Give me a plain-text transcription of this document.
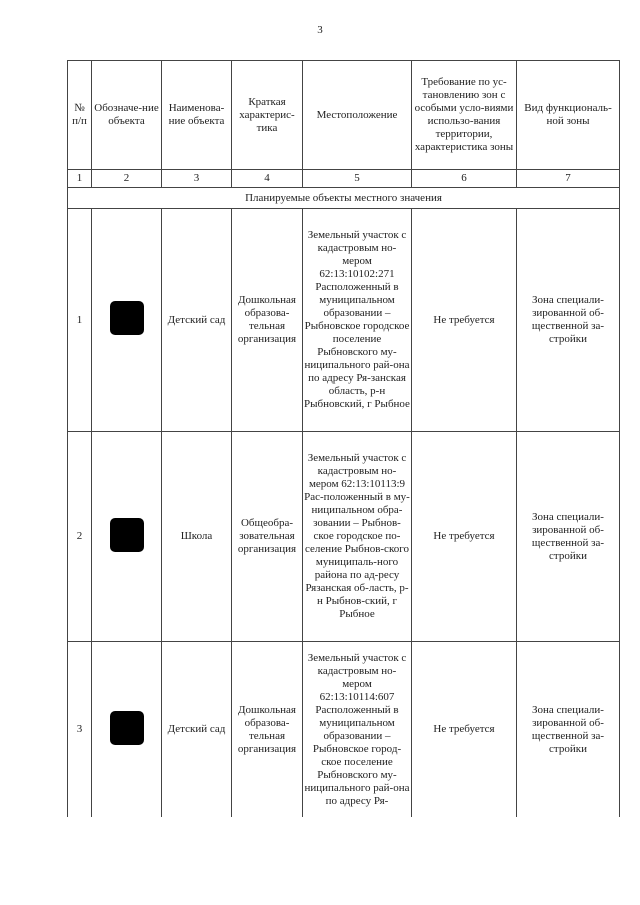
3
№ п/п	Обозначе-ние объекта	Наименова-ние объекта	Краткая характерис-тика	Местоположение	Требование по ус-тановлению зон с особыми усло-виями использо-вания территории, характеристика зоны	Вид функциональ-ной зоны
1	2	3	4	5	6	7
Планируемые объекты местного значения						
1		Детский сад	Дошкольная образова-тельная организация	Земельный участок с кадастровым но-мером 62:13:10102:271 Расположенный в муниципальном образовании – Рыбновское городское поселение Рыбновского му-ниципального рай-она по адресу Ря-занская область, р-н Рыбновский, г Рыбное	Не требуется	Зона специали-зированной об-щественной за-стройки
2		Школа	Общеобра-зовательная организация	Земельный участок с кадастровым но-мером 62:13:10113:9 Рас-положенный в му-ниципальном обра-зовании – Рыбнов-ское городское по-селение Рыбнов-ского муниципаль-ного района по ад-ресу Рязанская об-ласть, р-н Рыбнов-ский, г Рыбное	Не требуется	Зона специали-зированной об-щественной за-стройки
3		Детский сад	Дошкольная образова-тельная организация	Земельный участок с кадастровым но-мером 62:13:10114:607 Расположенный в муниципальном образовании – Рыбновское город-ское поселение Рыбновского му-ниципального рай-она по адресу Ря-	Не требуется	Зона специали-зированной об-щественной за-стройки
